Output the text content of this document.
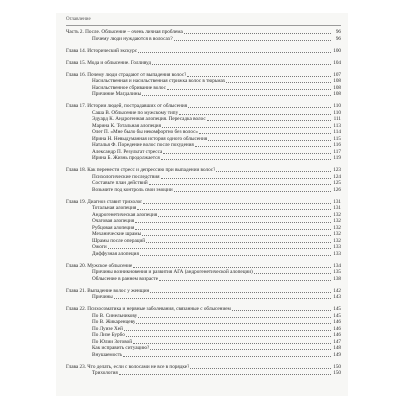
Оглавление
Часть 2. После. Облысение – очень личная проблема	96
Почему люди нуждаются в волосах?	96
Глава 14. Исторический экскурс	100
Глава 15. Мода и облысение. Голливуд	104
Глава 16. Почему люди страдают от выпадения волос?	107
Насильственная и насильственная стрижка волос в тюрьмах	108
Насильственное сбривание волос	108
Причиние Магдалины	108
Глава 17. Истории людей, пострадавших от облысения	110
Саша В. Облысение по мужскому типу	110
Эдуард К. Андрогенная алопеция. Пересадка волос	111
Марина К. Тотальная алопеция	113
Олег П. «Мне было бы некомфортно без волос»	114
Ирина Н. Невыдуманная история одного облысения	115
Наталья Ф. Поредение волос после похудения	116
Александр П. Результат стресса	117
Ирина Б. Жизнь продолжается	119
Глава 18. Как перенести стресс и депрессию при выпадении волос?	123
Психологические последствия	124
Составьте план действий	125
Возьмите под контроль свои эмоции	126
Глава 19. Диагноз ставит трихолог	131
Тотальная алопеция	131
Андрогенетическая алопеция	132
Очаговая алопеция	132
Рубцовая алопеция	132
Механические шрамы	132
Шрамы после операций	132
Ожоги	133
Диффузная алопеция	133
Глава 20. Мужское облысение	134
Причины возникновения и развития АГА (андрогенетической алопеции)	135
Облысение в раннем возрасте	138
Глава 21. Выпадение волос у женщин	142
Причины	143
Глава 22. Психосоматика и нервные заболевания, связанные с облысением	145
По В. Синельникову	145
По В. Жикаренцеву	146
По Луизе Хей	146
По Лизе Бурбо	146
По Юлии Зотовой	147
Как исправить ситуацию?	148
Внушаемость	149
Глава 23. Что делать, если с волосами не все в порядке?	150
Трихология	150
